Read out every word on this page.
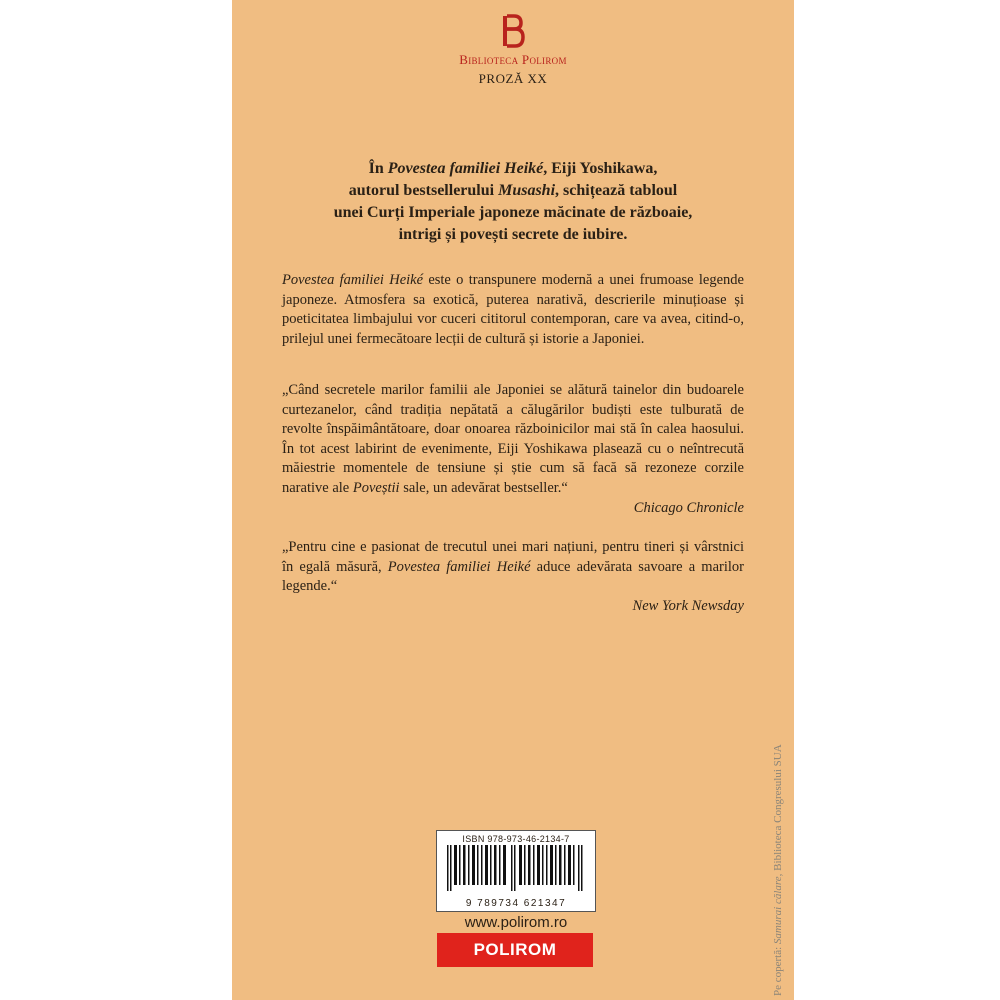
Biblioteca Polirom
PROZĂ XX
În Povestea familiei Heiké, Eiji Yoshikawa,
autorul bestsellerului Musashi, schițează tabloul
unei Curți Imperiale japoneze măcinate de războaie,
intrigi și povești secrete de iubire.
Povestea familiei Heiké este o transpunere modernă a unei frumoase legende japoneze. Atmosfera sa exotică, puterea narativă, descrierile minuțioase și poeticitatea limbajului vor cuceri cititorul contemporan, care va avea, citind-o, prilejul unei fermecătoare lecții de cultură și istorie a Japoniei.
„Când secretele marilor familii ale Japoniei se alătură tainelor din budoarele curtezanelor, când tradiția nepătată a călugărilor budiști este tulburată de revolte înspăimântătoare, doar onoarea războinicilor mai stă în calea haosului. În tot acest labirint de evenimente, Eiji Yoshikawa plasează cu o neîntrecută măiestrie momentele de tensiune și știe cum să facă să rezoneze corzile narative ale Poveștii sale, un adevărat bestseller.“
Chicago Chronicle
„Pentru cine e pasionat de trecutul unei mari națiuni, pentru tineri și vârstnici în egală măsură, Povestea familiei Heiké aduce adevărata savoare a marilor legende.“
New York Newsday
ISBN 978-973-46-2134-7
9 789734 621347
www.polirom.ro
POLIROM	Pe copertă: Samurai călare, Biblioteca Congresului SUA
